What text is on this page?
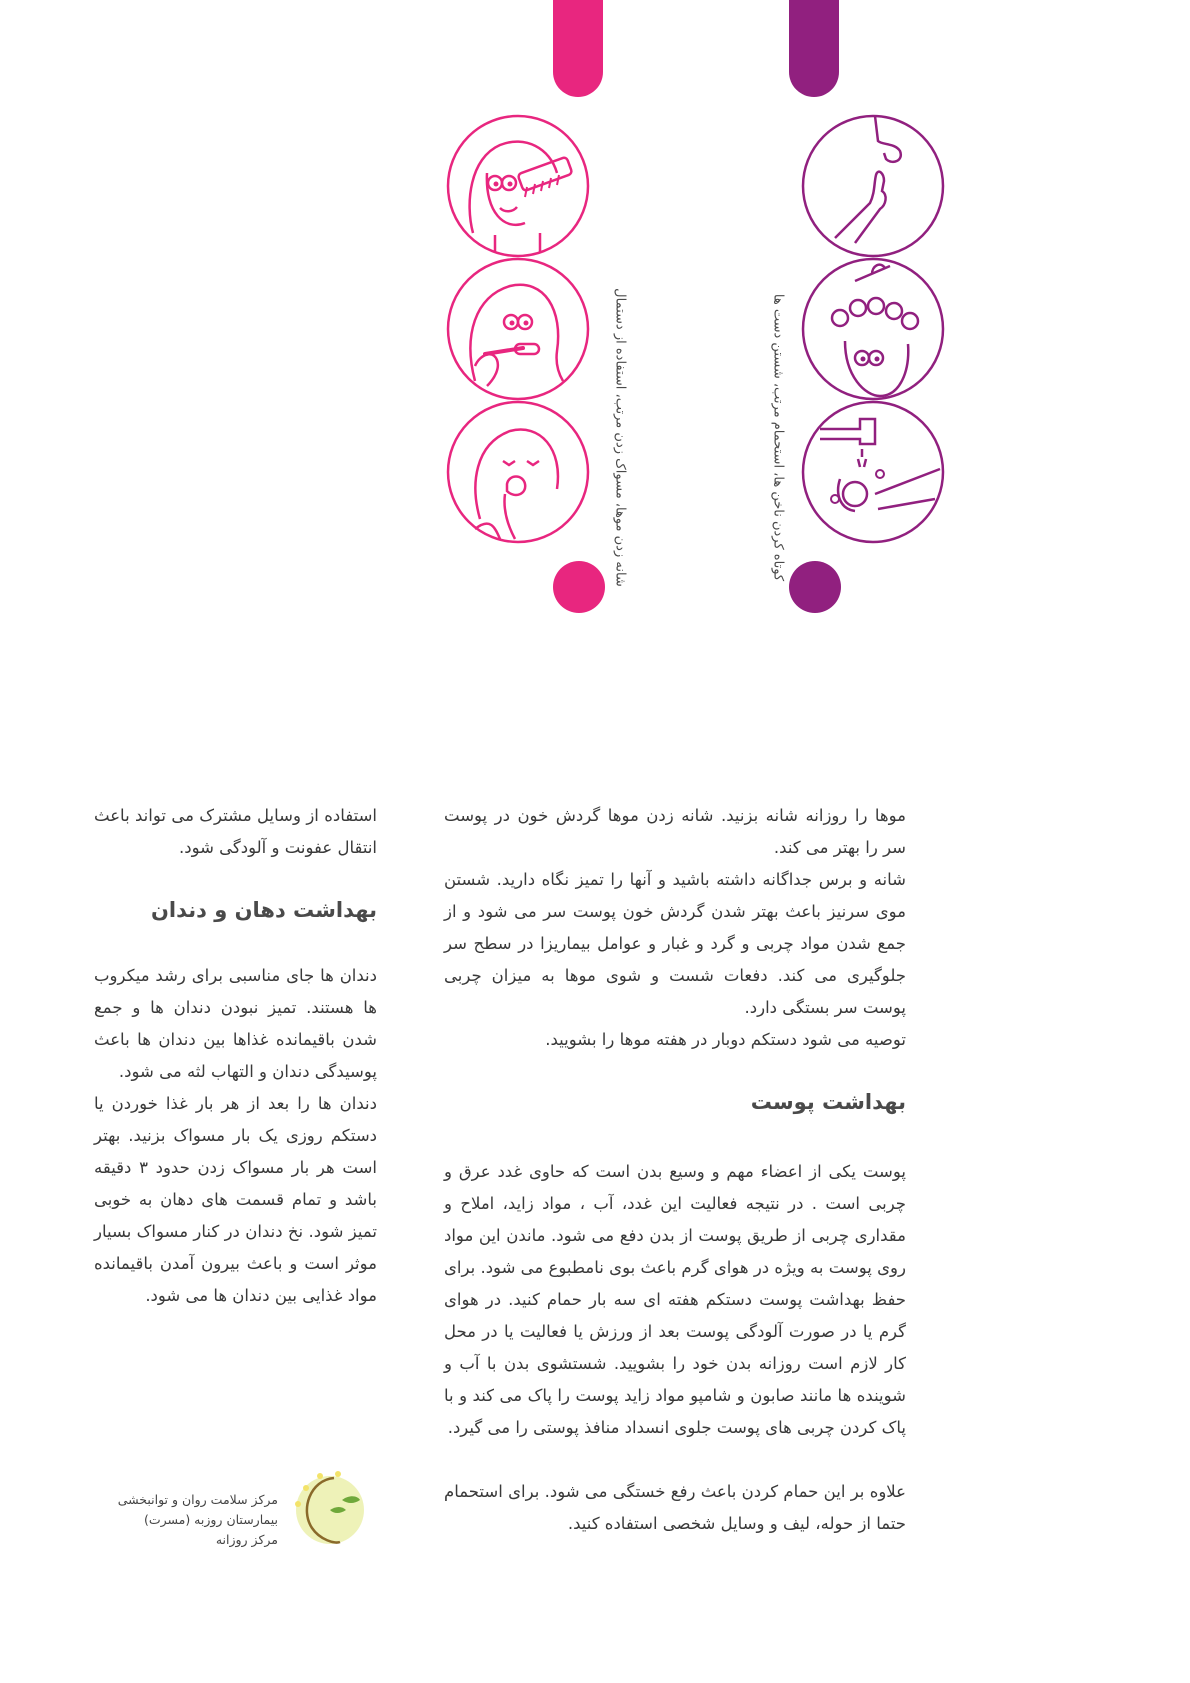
شانه زدن موها، مسواک زدن مرتب، استفاده از دستمال	کوتاه کردن ناخن ها، استحمام مرتب، شستن دست ها

موها را روزانه شانه بزنید. شانه زدن موها گردش خون در پوست سر را بهتر می کند.

شانه و برس جداگانه داشته باشید و آنها را تمیز نگاه دارید. شستن موی سرنیز باعث بهتر شدن گردش خون پوست سر می شود و از جمع شدن مواد چربی و گرد و غبار و عوامل بیماریزا در سطح سر جلوگیری می کند. دفعات شست و شوی موها به میزان چربی پوست سر بستگی دارد.

توصیه می شود دستکم دوبار در هفته موها را بشویید.

بهداشت پوست

پوست یکی از اعضاء مهم و وسیع بدن است که حاوی غدد عرق و چربی است . در نتیجه فعالیت این غدد، آب ، مواد زاید، املاح و مقداری چربی از طریق پوست از بدن دفع می شود. ماندن این مواد روی پوست به ویژه در هوای گرم باعث بوی نامطبوع می شود. برای حفظ بهداشت پوست دستکم هفته ای سه بار حمام کنید. در هوای گرم یا در صورت آلودگی پوست بعد از ورزش یا فعالیت یا در محل کار لازم است روزانه بدن خود را بشویید. شستشوی بدن با آب و شوینده ها مانند صابون و شامپو مواد زاید پوست را پاک می کند و با پاک کردن چربی های پوست جلوی انسداد منافذ پوستی را می گیرد.

علاوه بر این حمام کردن باعث رفع خستگی می شود. برای استحمام حتما از حوله، لیف و وسایل شخصی استفاده کنید.

استفاده از وسایل مشترک می تواند باعث انتقال عفونت و آلودگی شود.

بهداشت دهان و دندان

دندان ها جای مناسبی برای رشد میکروب ها هستند. تمیز نبودن دندان ها و جمع شدن باقیمانده غذاها بین دندان ها باعث پوسیدگی دندان و التهاب لثه می شود.

دندان ها را بعد از هر بار غذا خوردن یا دستکم روزی یک بار مسواک بزنید. بهتر است هر بار مسواک زدن حدود ۳ دقیقه باشد و تمام قسمت های دهان به خوبی تمیز شود. نخ دندان در کنار مسواک بسیار موثر است و باعث بیرون آمدن باقیمانده مواد غذایی بین دندان ها می شود.

مرکز سلامت روان و توانبخشی
بیمارستان روزبه (مسرت)
مرکز روزانه
